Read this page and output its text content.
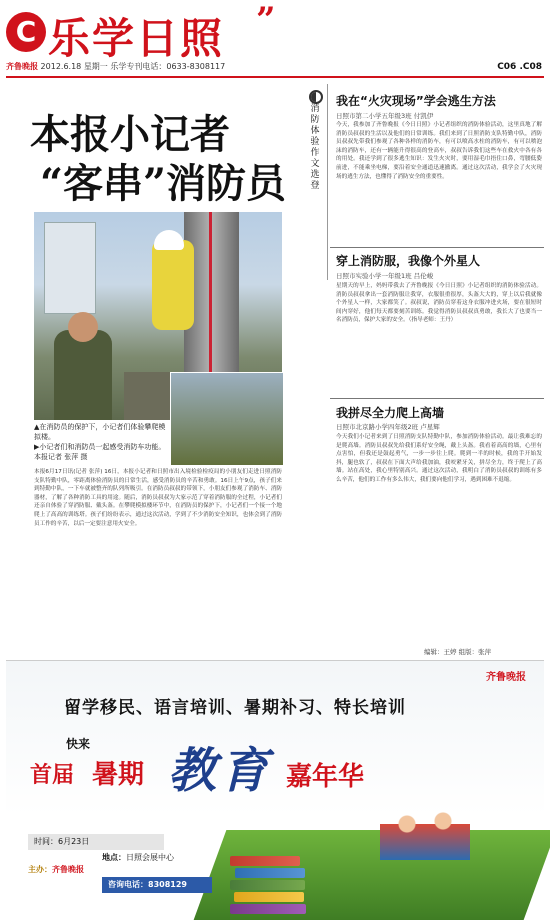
C 乐学日照 ”
C06 .C08
齐鲁晚报 2012.6.18 星期一 乐学专刊电话：0633-8308117
本报小记者
“客串”消防员
▲在消防员的保护下，小记者们体验攀爬模拟楼。
▶小记者们和消防员一起感受消防车功能。
本报记者 张萍 摄
本报6月17日讯(记者 张萍) 16日，本报小记者和日照市出入境检验检疫局的小朋友们走进日照消防支队特勤中队，零距离体验消防员的日常生活，感受消防员的辛苦和勇敢。16日上午9点，孩子们来到特勤中队，一下车就被整齐的队列所吸引。在消防员叔叔的带领下，小朋友们参观了消防车、消防器材，了解了各种消防工具的用途。随后，消防员叔叔为大家示范了穿着消防服的全过程，小记者们还亲自体验了穿消防服、戴头盔。在攀爬模拟楼环节中，在消防员的保护下，小记者们一个接一个地爬上了高高的训练塔。孩子们纷纷表示，通过这次活动，学到了不少消防安全知识，也体会到了消防员工作的辛苦，以后一定要注意用火安全。
消
防
体
验
作
文
选
登
我在“火灾现场”学会逃生方法
日照市第二小学五年级3班 付凯伊
今天，我参加了齐鲁晚报《今日日照》小记者组织的消防体验活动，这里真地了解消防员叔叔的生活以及他们的日常训练。我们来到了日照消防支队特勤中队，消防员叔叔先带我们参观了各种各样的消防车，有可以喷高水柱的消防车，有可以喷泡沫的消防车，还有一辆能升得很高的登高车，叔叔告诉我们这些车在救火中各有各的用处。我还学到了很多逃生知识：发生火灾时，要用湿毛巾捂住口鼻，弯腰低姿前进，不能乘坐电梯，要沿着安全通道迅速撤离。通过这次活动，我学会了火灾现场的逃生方法，也懂得了消防安全的重要性。
穿上消防服，我像个外星人
日照市实验小学一年级1班 吕伦峻
星期天的早上，妈妈带我去了齐鲁晚报《今日日照》小记者组织的消防体验活动。消防员叔叔拿出一套消防服让我穿，衣服很重很厚，头盔大大的，穿上以后我就像个外星人一样，大家都笑了。叔叔说，消防员穿着这身衣服冲进火场，要在很短时间内穿好，他们每天都要刻苦训练。我觉得消防员叔叔真勇敢，我长大了也要当一名消防员，保护大家的安全。（指导老师：王丹）
我拼尽全力爬上高墙
日照市北京路小学四年级2班 卢星辉
今天我们小记者来到了日照消防支队特勤中队，参加消防体验活动。最让我难忘的是爬高墙。消防员叔叔先给我们系好安全绳，戴上头盔。我看着高高的墙，心里有点害怕，但我还是鼓起勇气，一步一步往上爬。爬到一半的时候，我的手开始发抖，腿也软了，叔叔在下面大声给我加油，我咬紧牙关，拼尽全力，终于爬上了高墙。站在高处，我心里特别高兴。通过这次活动，我明白了消防员叔叔的训练有多么辛苦，他们的工作有多么伟大，我们要向他们学习，遇到困难不退缩。
编辑：王婷 组版：张萍
齐鲁晚报
留学移民、语言培训、暑期补习、特长培训
快来
首届 暑期 教育 嘉年华
时间：6月23日
地点：日照会展中心
主办：齐鲁晚报
咨询电话：8308129
